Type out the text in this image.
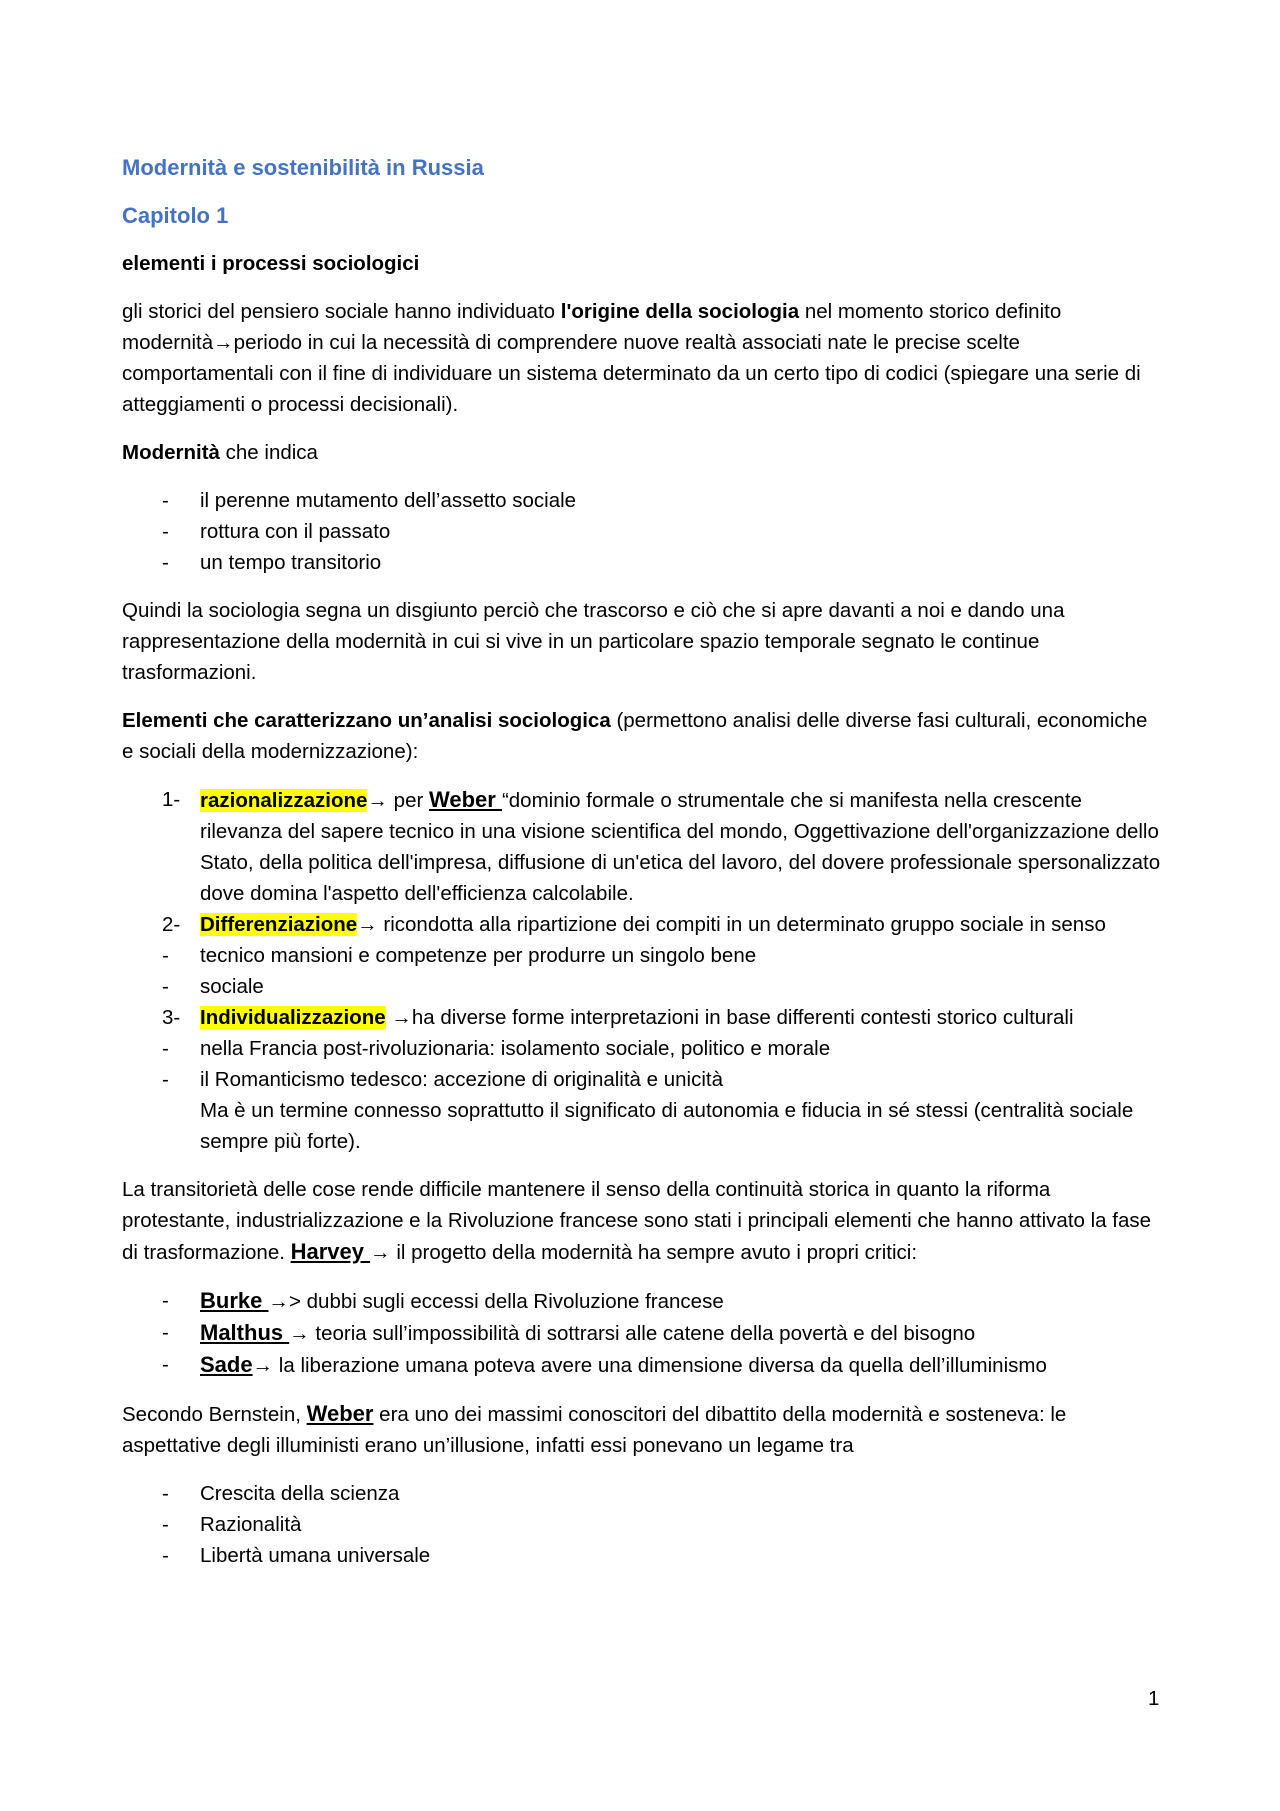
Modernità e sostenibilità in Russia
Capitolo 1
elementi i processi sociologici

gli storici del pensiero sociale hanno individuato l'origine della sociologia nel momento storico definito modernità→periodo in cui la necessità di comprendere nuove realtà associati nate le precise scelte comportamentali con il fine di individuare un sistema determinato da un certo tipo di codici (spiegare una serie di atteggiamenti o processi decisionali).

Modernità che indica

- il perenne mutamento dell’assetto sociale
- rottura con il passato
- un tempo transitorio

Quindi la sociologia segna un disgiunto perciò che trascorso e ciò che si apre davanti a noi e dando una rappresentazione della modernità in cui si vive in un particolare spazio temporale segnato le continue trasformazioni.

Elementi che caratterizzano un’analisi sociologica (permettono analisi delle diverse fasi culturali, economiche e sociali della modernizzazione):

1- razionalizzazione→ per Weber “dominio formale o strumentale che si manifesta nella crescente rilevanza del sapere tecnico in una visione scientifica del mondo, Oggettivazione dell'organizzazione dello Stato, della politica dell'impresa, diffusione di un'etica del lavoro, del dovere professionale spersonalizzato dove domina l'aspetto dell'efficienza calcolabile.
2- Differenziazione→ ricondotta alla ripartizione dei compiti in un determinato gruppo sociale in senso
- tecnico mansioni e competenze per produrre un singolo bene
- sociale
3- Individualizzazione →ha diverse forme interpretazioni in base differenti contesti storico culturali
- nella Francia post-rivoluzionaria: isolamento sociale, politico e morale
- il Romanticismo tedesco: accezione di originalità e unicità
Ma è un termine connesso soprattutto il significato di autonomia e fiducia in sé stessi (centralità sociale sempre più forte).

La transitorietà delle cose rende difficile mantenere il senso della continuità storica in quanto la riforma protestante, industrializzazione e la Rivoluzione francese sono stati i principali elementi che hanno attivato la fase di trasformazione. Harvey → il progetto della modernità ha sempre avuto i propri critici:

- Burke →> dubbi sugli eccessi della Rivoluzione francese
- Malthus → teoria sull’impossibilità di sottrarsi alle catene della povertà e del bisogno
- Sade→ la liberazione umana poteva avere una dimensione diversa da quella dell’illuminismo

Secondo Bernstein, Weber era uno dei massimi conoscitori del dibattito della modernità e sosteneva: le aspettative degli illuministi erano un’illusione, infatti essi ponevano un legame tra

- Crescita della scienza
- Razionalità
- Libertà umana universale
1
